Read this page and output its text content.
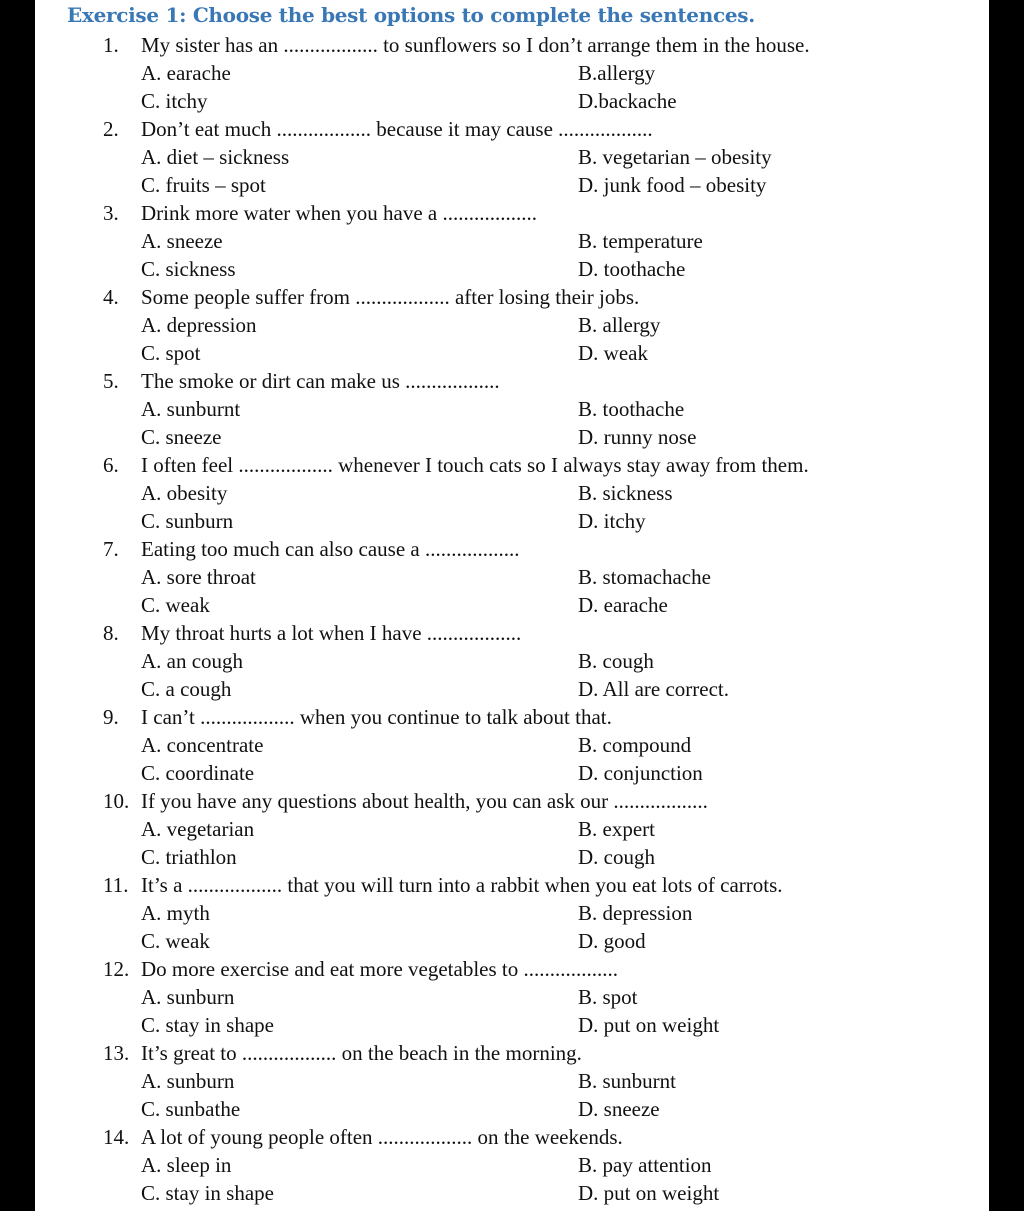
Exercise 1: Choose the best options to complete the sentences.
1.	My sister has an .................. to sunflowers so I don’t arrange them in the house.
A. earache	B.allergy
C. itchy	D.backache
2.	Don’t eat much .................. because it may cause ..................
A. diet – sickness	B. vegetarian – obesity
C. fruits – spot	D. junk food – obesity
3.	Drink more water when you have a ..................
A. sneeze	B. temperature
C. sickness	D. toothache
4.	Some people suffer from .................. after losing their jobs.
A. depression	B. allergy
C. spot	D. weak
5.	The smoke or dirt can make us ..................
A. sunburnt	B. toothache
C. sneeze	D. runny nose
6.	I often feel .................. whenever I touch cats so I always stay away from them.
A. obesity	B. sickness
C. sunburn	D. itchy
7.	Eating too much can also cause a ..................
A. sore throat	B. stomachache
C. weak	D. earache
8.	My throat hurts a lot when I have ..................
A. an cough	B. cough
C. a cough	D. All are correct.
9.	I can’t .................. when you continue to talk about that.
A. concentrate	B. compound
C. coordinate	D. conjunction
10. If you have any questions about health, you can ask our ..................
A. vegetarian	B. expert
C. triathlon	D. cough
11. It’s a .................. that you will turn into a rabbit when you eat lots of carrots.
A. myth	B. depression
C. weak	D. good
12. Do more exercise and eat more vegetables to ..................
A. sunburn	B. spot
C. stay in shape	D. put on weight
13. It’s great to .................. on the beach in the morning.
A. sunburn	B. sunburnt
C. sunbathe	D. sneeze
14. A lot of young people often .................. on the weekends.
A. sleep in	B. pay attention
C. stay in shape	D. put on weight
